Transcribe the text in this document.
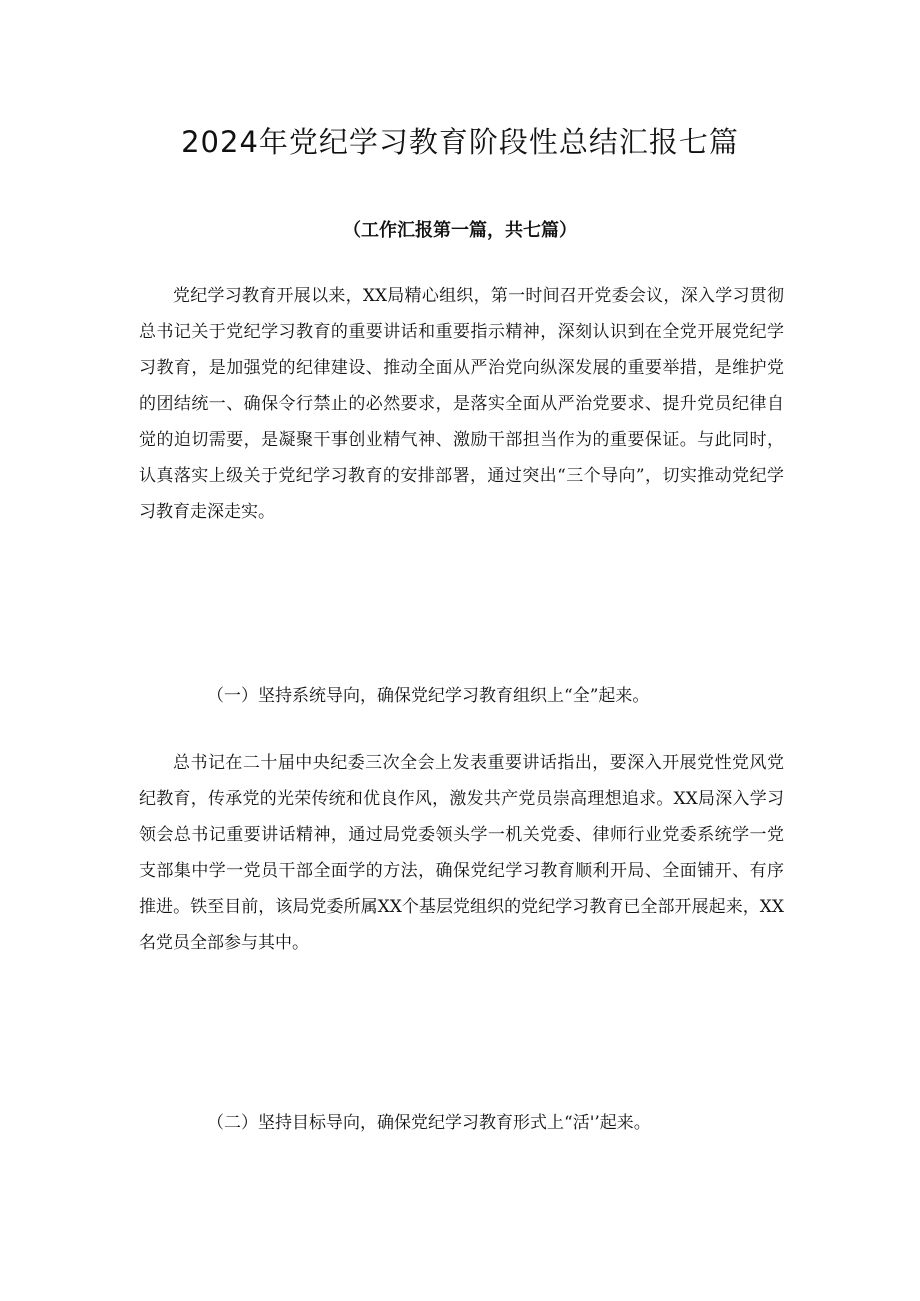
2024年党纪学习教育阶段性总结汇报七篇
（工作汇报第一篇，共七篇）

党纪学习教育开展以来，XX局精心组织，第一时间召开党委会议，深入学习贯彻总书记关于党纪学习教育的重要讲话和重要指示精神，深刻认识到在全党开展党纪学习教育，是加强党的纪律建设、推动全面从严治党向纵深发展的重要举措，是维护党的团结统一、确保令行禁止的必然要求，是落实全面从严治党要求、提升党员纪律自觉的迫切需要，是凝聚干事创业精气神、激励干部担当作为的重要保证。与此同时，认真落实上级关于党纪学习教育的安排部署，通过突出“三个导向”，切实推动党纪学习教育走深走实。

（一）坚持系统导向，确保党纪学习教育组织上“全”起来。

总书记在二十届中央纪委三次全会上发表重要讲话指出，要深入开展党性党风党纪教育，传承党的光荣传统和优良作风，激发共产党员崇高理想追求。XX局深入学习领会总书记重要讲话精神，通过局党委领头学一机关党委、律师行业党委系统学一党支部集中学一党员干部全面学的方法，确保党纪学习教育顺利开局、全面铺开、有序推进。铁至目前，该局党委所属XX个基层党组织的党纪学习教育已全部开展起来，XX名党员全部参与其中。

（二）坚持目标导向，确保党纪学习教育形式上“活'’起来。
